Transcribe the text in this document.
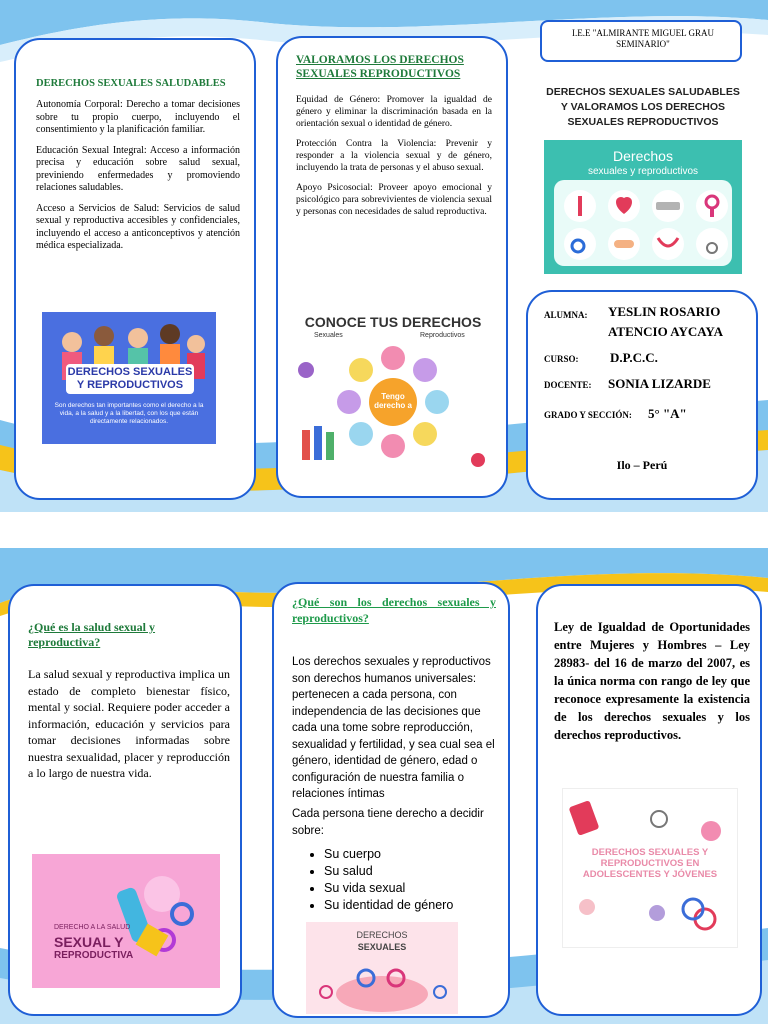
DERECHOS SEXUALES SALUDABLES

Autonomía Corporal: Derecho a tomar decisiones sobre tu propio cuerpo, incluyendo el consentimiento y la planificación familiar.

Educación Sexual Integral: Acceso a información precisa y educación sobre salud sexual, previniendo enfermedades y promoviendo relaciones saludables.

Acceso a Servicios de Salud: Servicios de salud sexual y reproductiva accesibles y confidenciales, incluyendo el acceso a anticonceptivos y atención médica especializada.

DERECHOS SEXUALES Y REPRODUCTIVOS
Son derechos tan importantes como el derecho a la vida, a la salud y a la libertad, con los que están directamente relacionados.
VALORAMOS LOS DERECHOS SEXUALES REPRODUCTIVOS

Equidad de Género: Promover la igualdad de género y eliminar la discriminación basada en la orientación sexual o identidad de género.

Protección Contra la Violencia: Prevenir y responder a la violencia sexual y de género, incluyendo la trata de personas y el abuso sexual.

Apoyo Psicosocial: Proveer apoyo emocional y psicológico para sobrevivientes de violencia sexual y personas con necesidades de salud reproductiva.

CONOCE TUS DERECHOS
Sexuales	Reproductivos
Tengo derecho a
I.E.E "ALMIRANTE MIGUEL GRAU SEMINARIO"
DERECHOS SEXUALES SALUDABLES Y VALORAMOS LOS DERECHOS SEXUALES REPRODUCTIVOS
Derechos
sexuales y reproductivos
ALUMNA: YESLIN ROSARIO
ATENCIO AYCAYA
CURSO: D.P.C.C.
DOCENTE: SONIA LIZARDE
GRADO Y SECCIÓN: 5° "A"
Ilo – Perú
¿Qué es la salud sexual y reproductiva?

La salud sexual y reproductiva implica un estado de completo bienestar físico, mental y social. Requiere poder acceder a información, educación y servicios para tomar decisiones informadas sobre nuestra sexualidad, placer y reproducción a lo largo de nuestra vida.

DERECHO A LA SALUD
SEXUAL Y
REPRODUCTIVA
¿Qué son los derechos sexuales y reproductivos?

Los derechos sexuales y reproductivos son derechos humanos universales: pertenecen a cada persona, con independencia de las decisiones que cada una tome sobre reproducción, sexualidad y fertilidad, y sea cual sea el género, identidad de género, edad o configuración de nuestra familia o relaciones íntimas

Cada persona tiene derecho a decidir sobre:

• Su cuerpo
• Su salud
• Su vida sexual
• Su identidad de género
DERECHOS
SEXUALES

Ley de Igualdad de Oportunidades entre Mujeres y Hombres – Ley 28983- del 16 de marzo del 2007, es la única norma con rango de ley que reconoce expresamente la existencia de los derechos sexuales y los derechos reproductivos.

DERECHOS SEXUALES Y REPRODUCTIVOS EN ADOLESCENTES Y JÓVENES
